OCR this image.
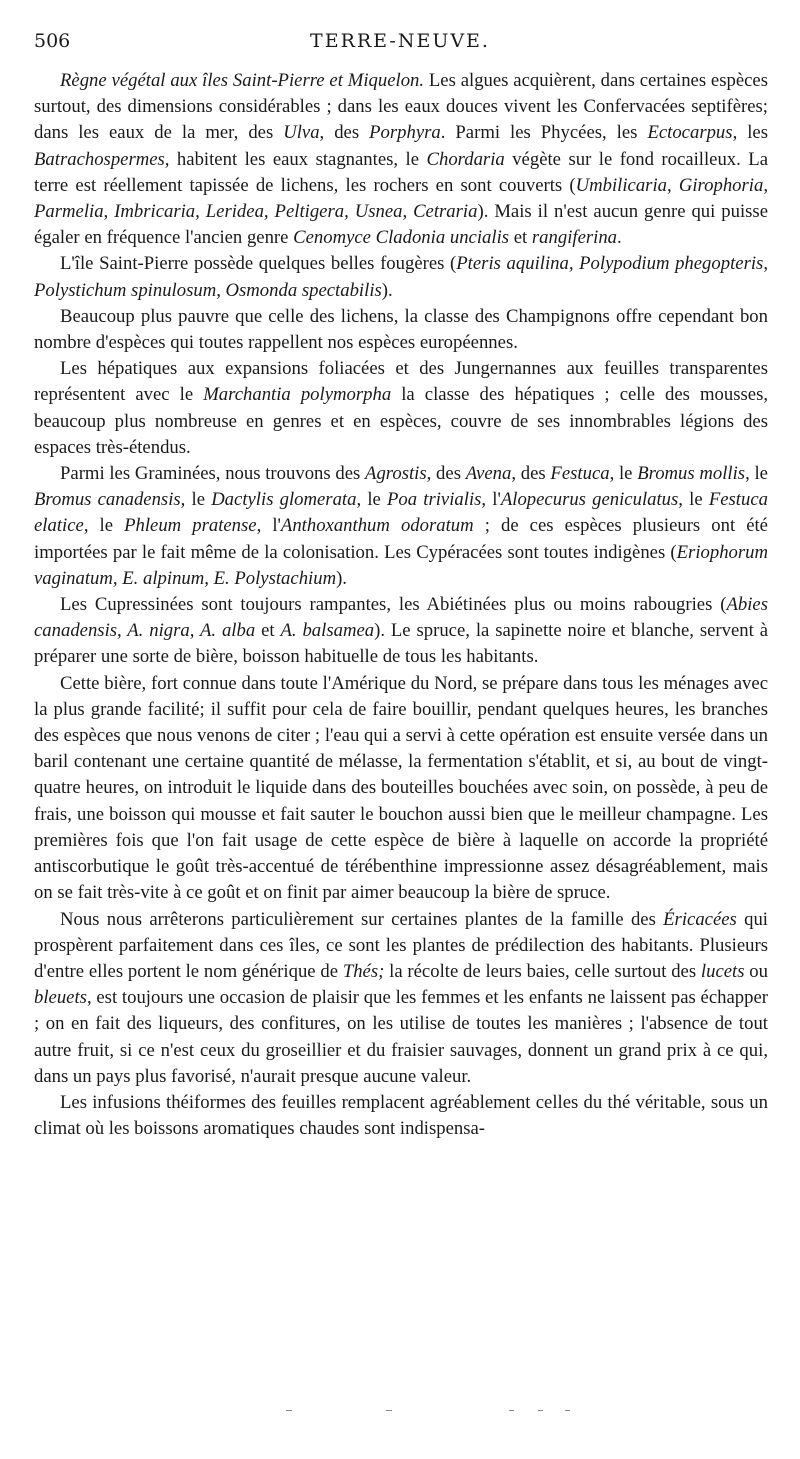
506	TERRE-NEUVE.

Règne végétal aux îles Saint-Pierre et Miquelon. Les algues acquièrent, dans certaines espèces surtout, des dimensions considérables ; dans les eaux douces vivent les Confervacées septifères; dans les eaux de la mer, des Ulva, des Porphyra. Parmi les Phycées, les Ectocarpus, les Batrachospermes, habitent les eaux stagnantes, le Chordaria végète sur le fond rocailleux. La terre est réellement tapissée de lichens, les rochers en sont couverts (Umbilicaria, Girophoria, Parmelia, Imbricaria, Leridea, Peltigera, Usnea, Cetraria). Mais il n'est aucun genre qui puisse égaler en fréquence l'ancien genre Cenomyce Cladonia uncialis et rangiferina.

L'île Saint-Pierre possède quelques belles fougères (Pteris aquilina, Polypodium phegopteris, Polystichum spinulosum, Osmonda spectabilis).

Beaucoup plus pauvre que celle des lichens, la classe des Champignons offre cependant bon nombre d'espèces qui toutes rappellent nos espèces européennes.

Les hépatiques aux expansions foliacées et des Jungernannes aux feuilles transparentes représentent avec le Marchantia polymorpha la classe des hépatiques ; celle des mousses, beaucoup plus nombreuse en genres et en espèces, couvre de ses innombrables légions des espaces très-étendus.

Parmi les Graminées, nous trouvons des Agrostis, des Avena, des Festuca, le Bromus mollis, le Bromus canadensis, le Dactylis glomerata, le Poa trivialis, l'Alopecurus geniculatus, le Festuca elatice, le Phleum pratense, l'Anthoxanthum odoratum ; de ces espèces plusieurs ont été importées par le fait même de la colonisation. Les Cypéracées sont toutes indigènes (Eriophorum vaginatum, E. alpinum, E. Polystachium).

Les Cupressinées sont toujours rampantes, les Abiétinées plus ou moins rabougries (Abies canadensis, A. nigra, A. alba et A. balsamea). Le spruce, la sapinette noire et blanche, servent à préparer une sorte de bière, boisson habituelle de tous les habitants.

Cette bière, fort connue dans toute l'Amérique du Nord, se prépare dans tous les ménages avec la plus grande facilité; il suffit pour cela de faire bouillir, pendant quelques heures, les branches des espèces que nous venons de citer ; l'eau qui a servi à cette opération est ensuite versée dans un baril contenant une certaine quantité de mélasse, la fermentation s'établit, et si, au bout de vingt-quatre heures, on introduit le liquide dans des bouteilles bouchées avec soin, on possède, à peu de frais, une boisson qui mousse et fait sauter le bouchon aussi bien que le meilleur champagne. Les premières fois que l'on fait usage de cette espèce de bière à laquelle on accorde la propriété antiscorbutique le goût très-accentué de térébenthine impressionne assez désagréablement, mais on se fait très-vite à ce goût et on finit par aimer beaucoup la bière de spruce.

Nous nous arrêterons particulièrement sur certaines plantes de la famille des Éricacées qui prospèrent parfaitement dans ces îles, ce sont les plantes de prédilection des habitants. Plusieurs d'entre elles portent le nom générique de Thés; la récolte de leurs baies, celle surtout des lucets ou bleuets, est toujours une occasion de plaisir que les femmes et les enfants ne laissent pas échapper ; on en fait des liqueurs, des confitures, on les utilise de toutes les manières ; l'absence de tout autre fruit, si ce n'est ceux du groseillier et du fraisier sauvages, donnent un grand prix à ce qui, dans un pays plus favorisé, n'aurait presque aucune valeur.

Les infusions théiformes des feuilles remplacent agréablement celles du thé véritable, sous un climat où les boissons aromatiques chaudes sont indispensa-
